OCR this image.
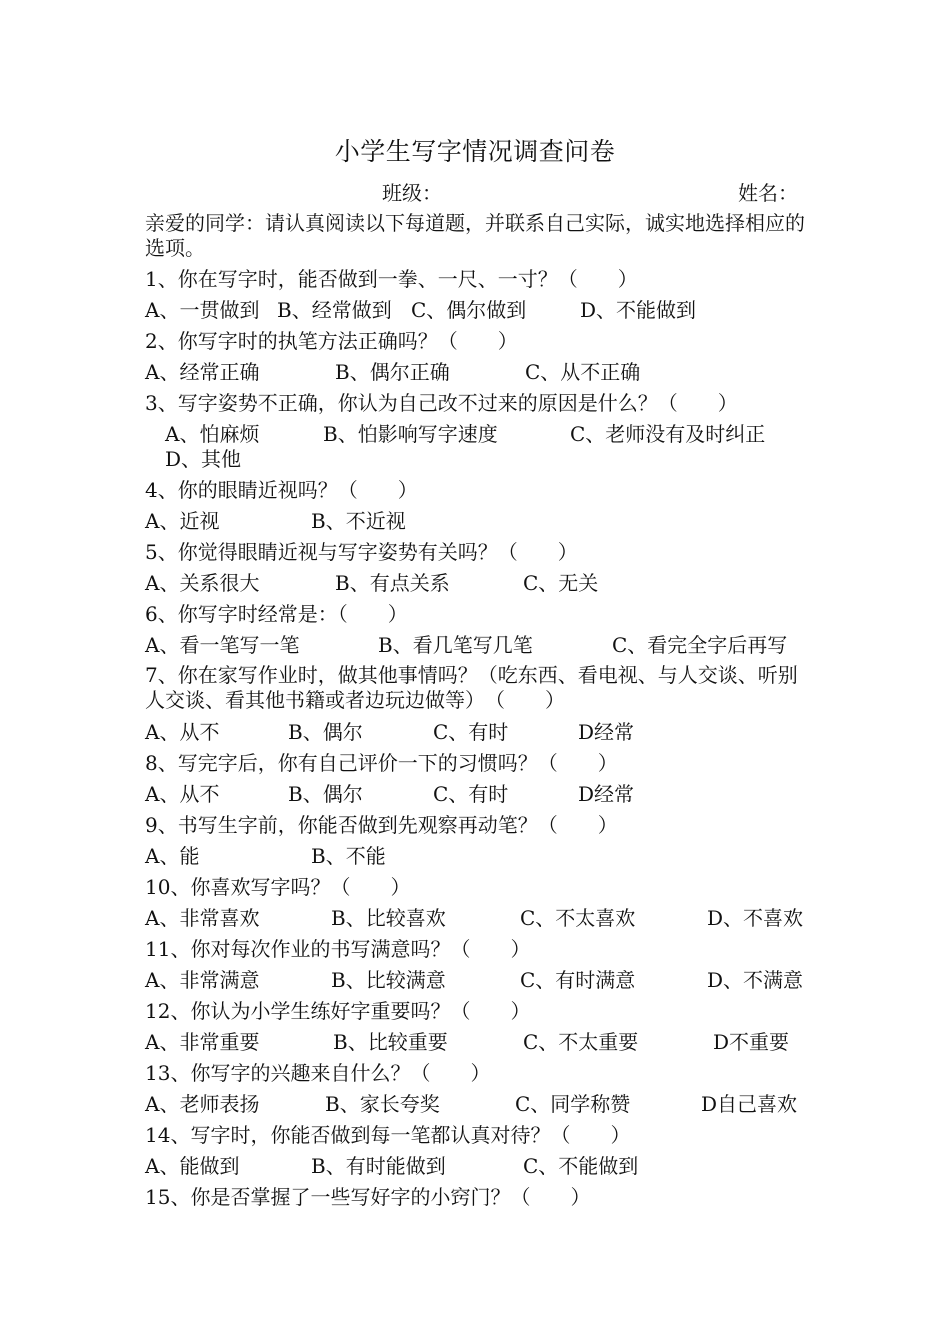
小学生写字情况调查问卷
班级：	姓名：
亲爱的同学：请认真阅读以下每道题，并联系自己实际，诚实地选择相应的选项。
1、你在写字时，能否做到一拳、一尺、一寸？（　　）
A、一贯做到 B、经常做到 C、偶尔做到	D、不能做到
2、你写字时的执笔方法正确吗？（　　）
A、经常正确	B、偶尔正确	C、从不正确
3、写字姿势不正确，你认为自己改不过来的原因是什么？（　　）
A、怕麻烦	B、怕影响写字速度	C、老师没有及时纠正
D、其他
4、你的眼睛近视吗？（　　）
A、近视	B、不近视
5、你觉得眼睛近视与写字姿势有关吗？（　　）
A、关系很大	B、有点关系	C、无关
6、你写字时经常是：（　　）
A、看一笔写一笔	B、看几笔写几笔	C、看完全字后再写
7、你在家写作业时，做其他事情吗？（吃东西、看电视、与人交谈、听别人交谈、看其他书籍或者边玩边做等）　（　　）
A、从不	B、偶尔	C、有时	D经常
8、写完字后，你有自己评价一下的习惯吗？（　　）
A、从不	B、偶尔	C、有时	D经常
9、书写生字前，你能否做到先观察再动笔？（　　）
A、能	B、不能
10、你喜欢写字吗？（　　）
A、非常喜欢	B、比较喜欢	C、不太喜欢	D、不喜欢
11、你对每次作业的书写满意吗？（　　）
A、非常满意	B、比较满意	C、有时满意	D、不满意
12、你认为小学生练好字重要吗？（　　）
A、非常重要	B、比较重要	C、不太重要	D不重要
13、你写字的兴趣来自什么？（　　）
A、老师表扬	B、家长夸奖	C、同学称赞	D自己喜欢
14、写字时，你能否做到每一笔都认真对待？（　　）
A、能做到	B、有时能做到	C、不能做到
15、你是否掌握了一些写好字的小窍门？（　　）
